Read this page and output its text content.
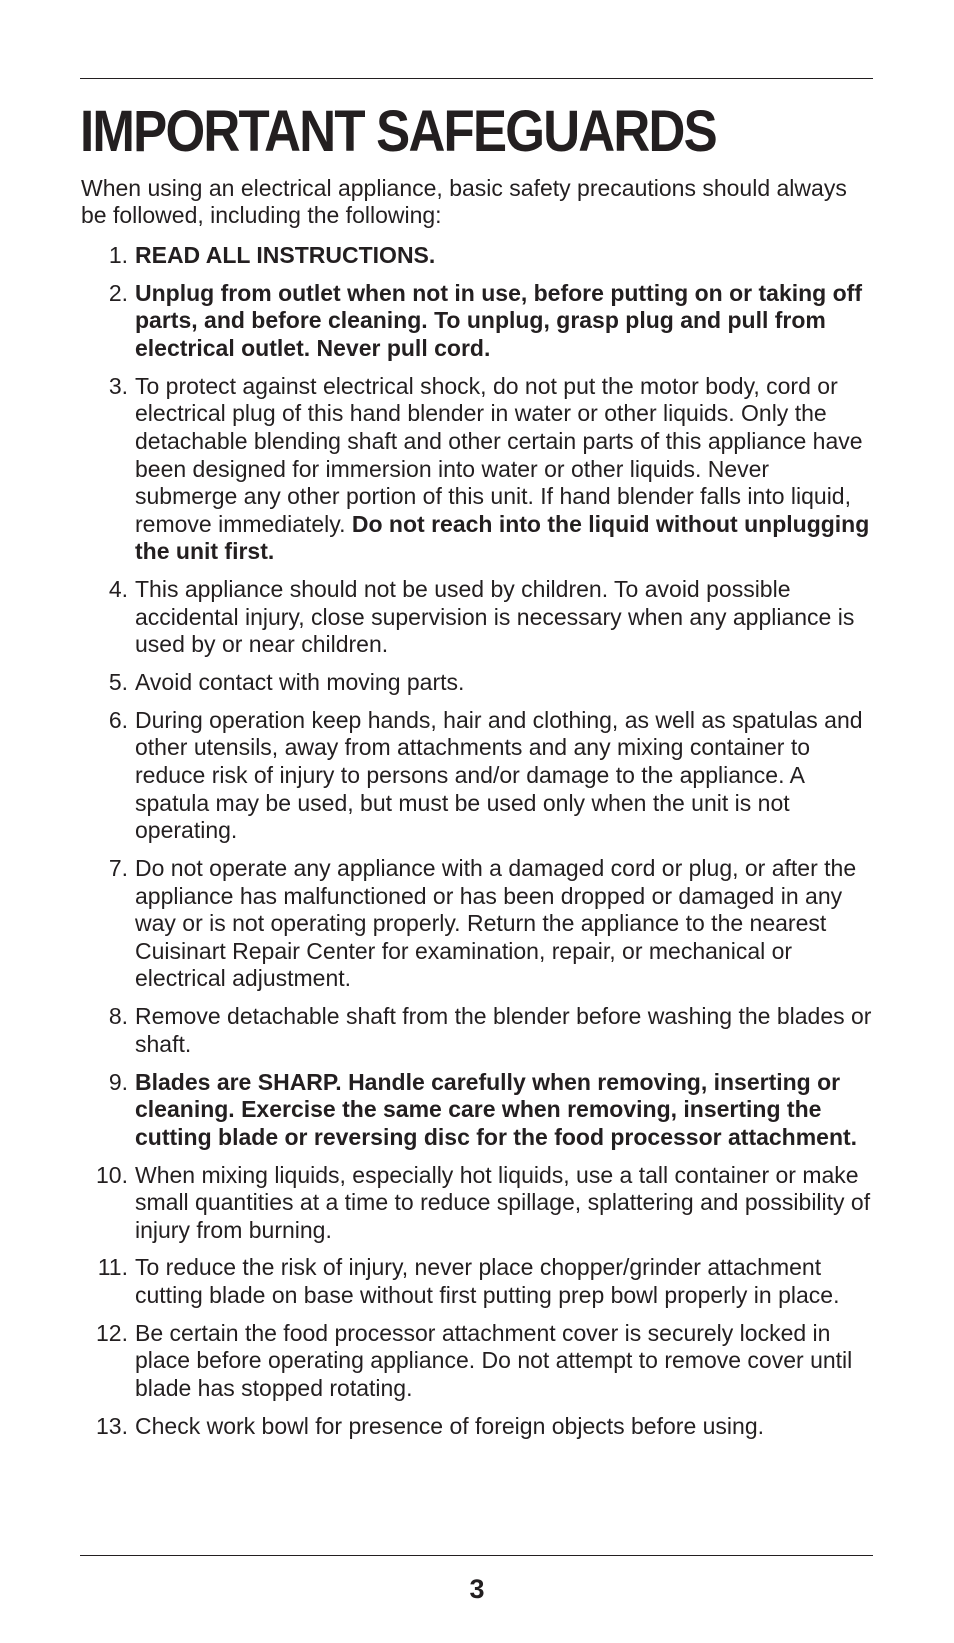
IMPORTANT SAFEGUARDS

When using an electrical appliance, basic safety precautions should always be followed, including the following:

1. READ ALL INSTRUCTIONS.
2. Unplug from outlet when not in use, before putting on or taking off parts, and before cleaning. To unplug, grasp plug and pull from electrical outlet. Never pull cord.
3. To protect against electrical shock, do not put the motor body, cord or electrical plug of this hand blender in water or other liquids. Only the detachable blending shaft and other certain parts of this appliance have been designed for immersion into water or other liquids. Never submerge any other portion of this unit. If hand blender falls into liquid, remove immediately. Do not reach into the liquid without unplugging the unit first.
4. This appliance should not be used by children. To avoid possible accidental injury, close supervision is necessary when any appliance is used by or near children.
5. Avoid contact with moving parts.
6. During operation keep hands, hair and clothing, as well as spatulas and other utensils, away from attachments and any mixing container to reduce risk of injury to persons and/or damage to the appliance. A spatula may be used, but must be used only when the unit is not operating.
7. Do not operate any appliance with a damaged cord or plug, or after the appliance has malfunctioned or has been dropped or damaged in any way or is not operating properly. Return the appliance to the nearest Cuisinart Repair Center for examination, repair, or mechanical or electrical adjustment.
8. Remove detachable shaft from the blender before washing the blades or shaft.
9. Blades are SHARP. Handle carefully when removing, inserting or cleaning. Exercise the same care when removing, inserting the cutting blade or reversing disc for the food processor attachment.
10. When mixing liquids, especially hot liquids, use a tall container or make small quantities at a time to reduce spillage, splattering and possibility of injury from burning.
11. To reduce the risk of injury, never place chopper/grinder attachment cutting blade on base without first putting prep bowl properly in place.
12. Be certain the food processor attachment cover is securely locked in place before operating appliance. Do not attempt to remove cover until blade has stopped rotating.
13. Check work bowl for presence of foreign objects before using.
3
